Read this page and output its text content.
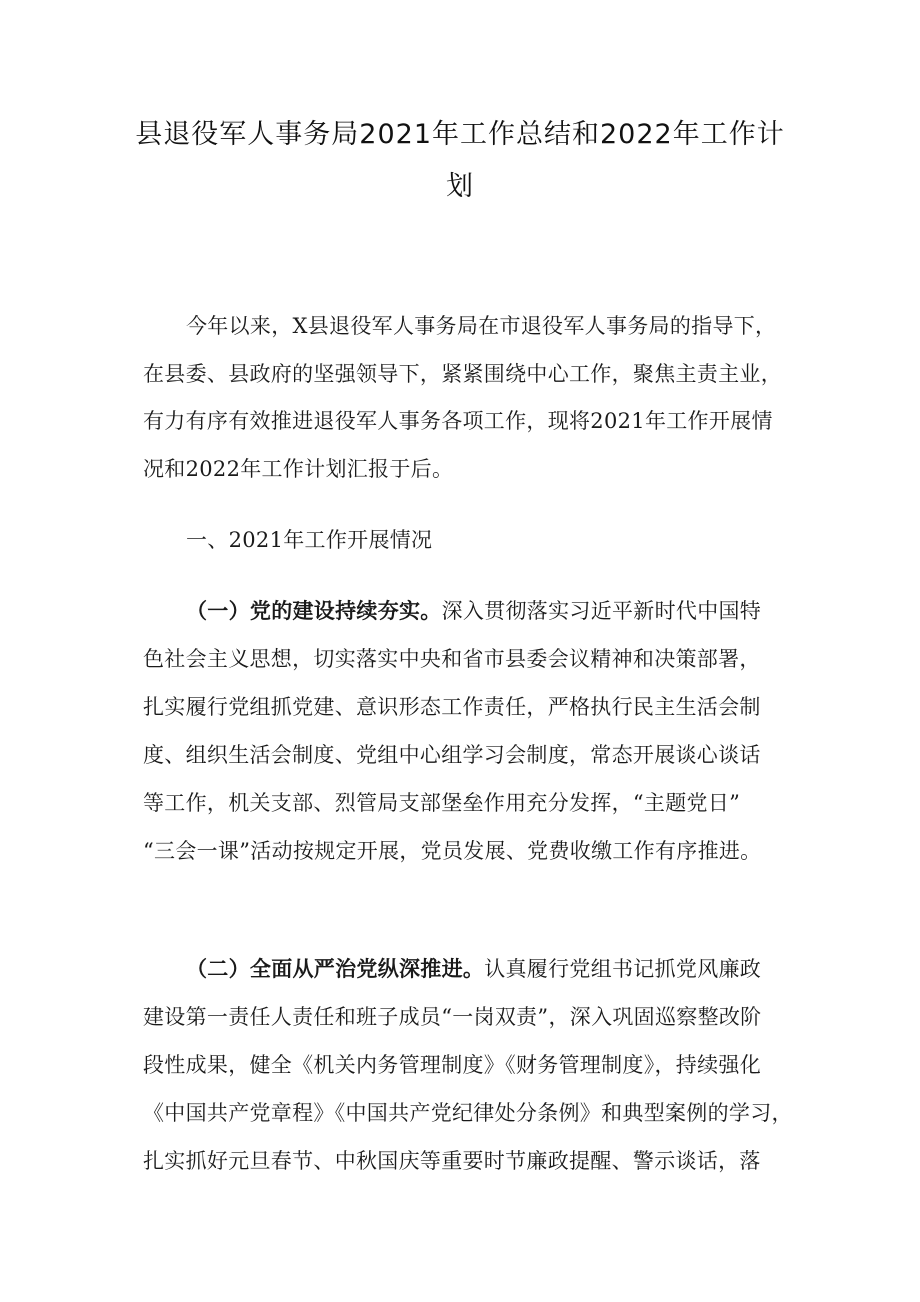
县退役军人事务局2021年工作总结和2022年工作计
划
今年以来，X县退役军人事务局在市退役军人事务局的指导下，
在县委、县政府的坚强领导下，紧紧围绕中心工作，聚焦主责主业，
有力有序有效推进退役军人事务各项工作，现将2021年工作开展情
况和2022年工作计划汇报于后。
一、2021年工作开展情况
（一）党的建设持续夯实。深入贯彻落实习近平新时代中国特
色社会主义思想，切实落实中央和省市县委会议精神和决策部署，
扎实履行党组抓党建、意识形态工作责任，严格执行民主生活会制
度、组织生活会制度、党组中心组学习会制度，常态开展谈心谈话
等工作，机关支部、烈管局支部堡垒作用充分发挥，“主题党日”
“三会一课”活动按规定开展，党员发展、党费收缴工作有序推进。
（二）全面从严治党纵深推进。认真履行党组书记抓党风廉政
建设第一责任人责任和班子成员“一岗双责”，深入巩固巡察整改阶
段性成果，健全《机关内务管理制度》《财务管理制度》，持续强化
《中国共产党章程》《中国共产党纪律处分条例》和典型案例的学习，
扎实抓好元旦春节、中秋国庆等重要时节廉政提醒、警示谈话，落
